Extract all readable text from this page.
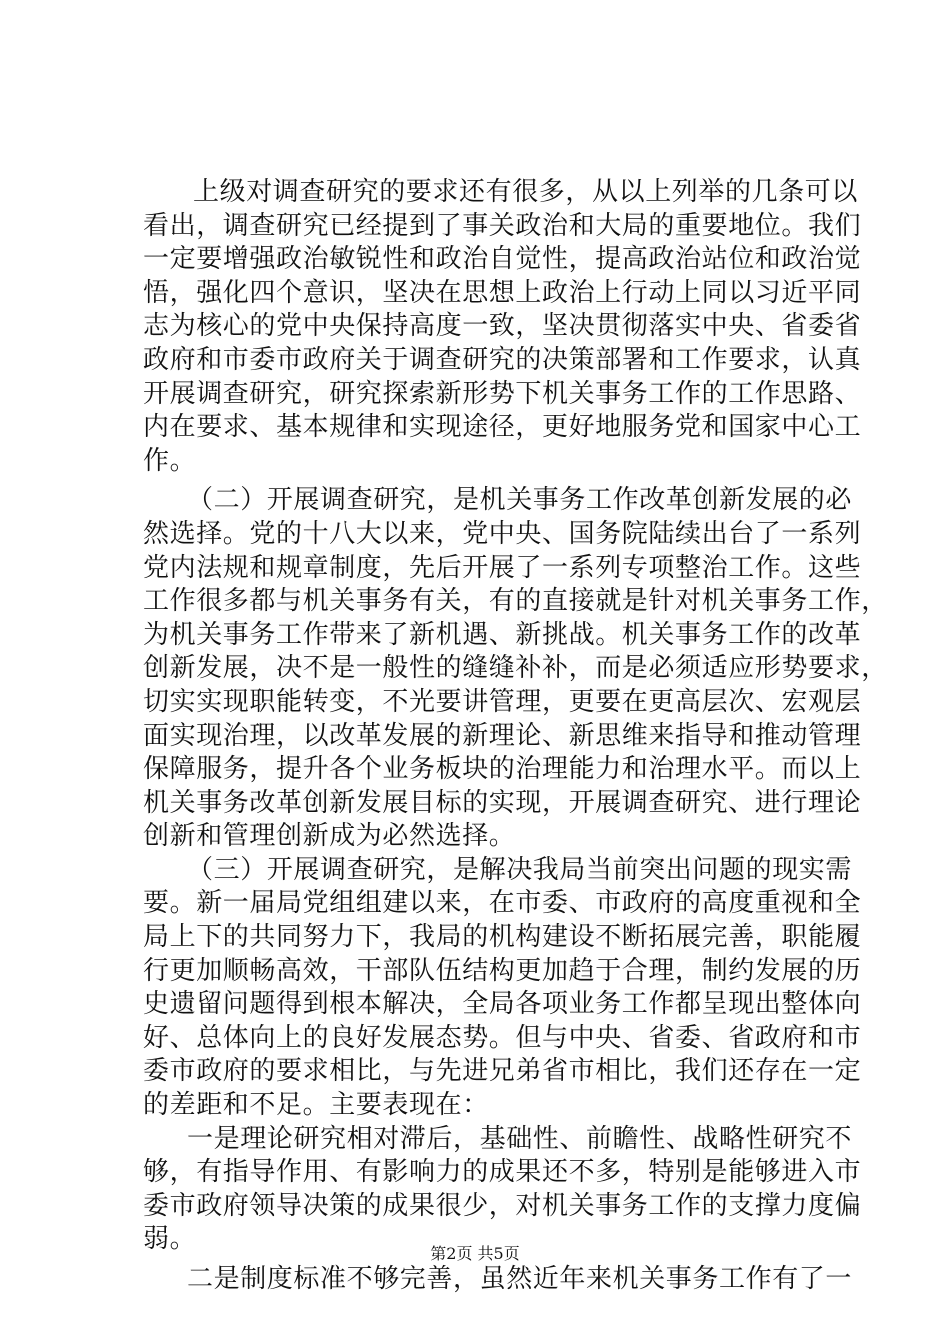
上级对调查研究的要求还有很多，从以上列举的几条可以
看出，调查研究已经提到了事关政治和大局的重要地位。我们
一定要增强政治敏锐性和政治自觉性，提高政治站位和政治觉
悟，强化四个意识，坚决在思想上政治上行动上同以习近平同
志为核心的党中央保持高度一致，坚决贯彻落实中央、省委省
政府和市委市政府关于调查研究的决策部署和工作要求，认真
开展调查研究，研究探索新形势下机关事务工作的工作思路、
内在要求、基本规律和实现途径，更好地服务党和国家中心工
作。
（二）开展调查研究，是机关事务工作改革创新发展的必
然选择。党的十八大以来，党中央、国务院陆续出台了一系列
党内法规和规章制度，先后开展了一系列专项整治工作。这些
工作很多都与机关事务有关，有的直接就是针对机关事务工作，
为机关事务工作带来了新机遇、新挑战。机关事务工作的改革
创新发展，决不是一般性的缝缝补补，而是必须适应形势要求，
切实实现职能转变，不光要讲管理，更要在更高层次、宏观层
面实现治理，以改革发展的新理论、新思维来指导和推动管理
保障服务，提升各个业务板块的治理能力和治理水平。而以上
机关事务改革创新发展目标的实现，开展调查研究、进行理论
创新和管理创新成为必然选择。
（三）开展调查研究，是解决我局当前突出问题的现实需
要。新一届局党组组建以来，在市委、市政府的高度重视和全
局上下的共同努力下，我局的机构建设不断拓展完善，职能履
行更加顺畅高效，干部队伍结构更加趋于合理，制约发展的历
史遗留问题得到根本解决，全局各项业务工作都呈现出整体向
好、总体向上的良好发展态势。但与中央、省委、省政府和市
委市政府的要求相比，与先进兄弟省市相比，我们还存在一定
的差距和不足。主要表现在：
一是理论研究相对滞后，基础性、前瞻性、战略性研究不
够，有指导作用、有影响力的成果还不多，特别是能够进入市
委市政府领导决策的成果很少，对机关事务工作的支撑力度偏
弱。
二是制度标准不够完善，虽然近年来机关事务工作有了一
第2页 共5页
